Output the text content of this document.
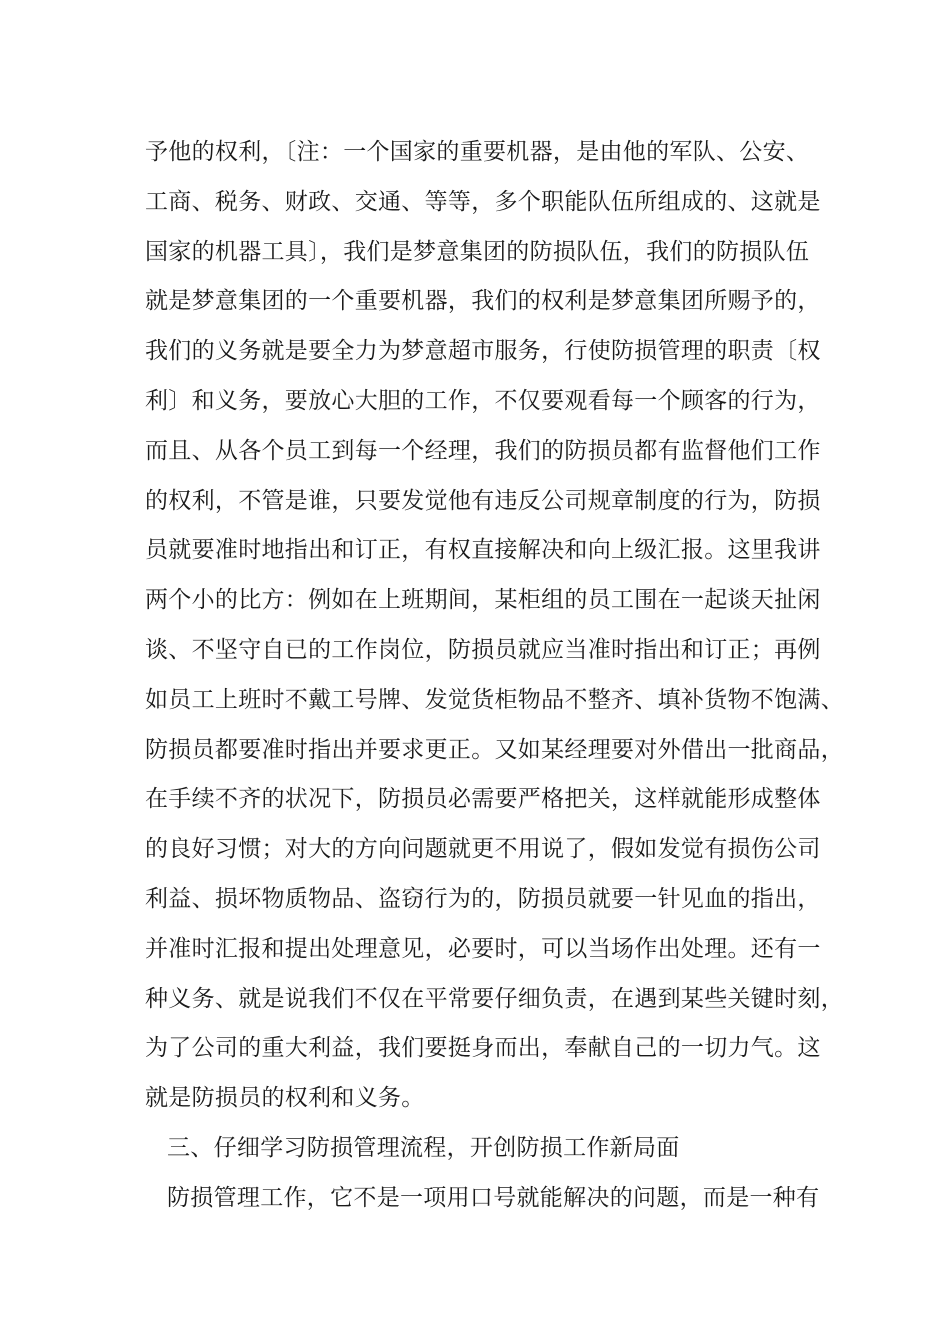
予他的权利，〔注：一个国家的重要机器，是由他的军队、公安、
工商、税务、财政、交通、等等，多个职能队伍所组成的、这就是
国家的机器工具〕，我们是梦意集团的防损队伍，我们的防损队伍
就是梦意集团的一个重要机器，我们的权利是梦意集团所赐予的，
我们的义务就是要全力为梦意超市服务，行使防损管理的职责〔权
利〕和义务，要放心大胆的工作，不仅要观看每一个顾客的行为，
而且、从各个员工到每一个经理，我们的防损员都有监督他们工作
的权利，不管是谁，只要发觉他有违反公司规章制度的行为，防损
员就要准时地指出和订正，有权直接解决和向上级汇报。这里我讲
两个小的比方：例如在上班期间，某柜组的员工围在一起谈天扯闲
谈、不坚守自已的工作岗位，防损员就应当准时指出和订正；再例
如员工上班时不戴工号牌、发觉货柜物品不整齐、填补货物不饱满、
防损员都要准时指出并要求更正。又如某经理要对外借出一批商品，
在手续不齐的状况下，防损员必需要严格把关，这样就能形成整体
的良好习惯；对大的方向问题就更不用说了，假如发觉有损伤公司
利益、损坏物质物品、盗窃行为的，防损员就要一针见血的指出，
并准时汇报和提出处理意见，必要时，可以当场作出处理。还有一
种义务、就是说我们不仅在平常要仔细负责，在遇到某些关键时刻，
为了公司的重大利益，我们要挺身而出，奉献自己的一切力气。这
就是防损员的权利和义务。
三、仔细学习防损管理流程，开创防损工作新局面
防损管理工作，它不是一项用口号就能解决的问题，而是一种有
